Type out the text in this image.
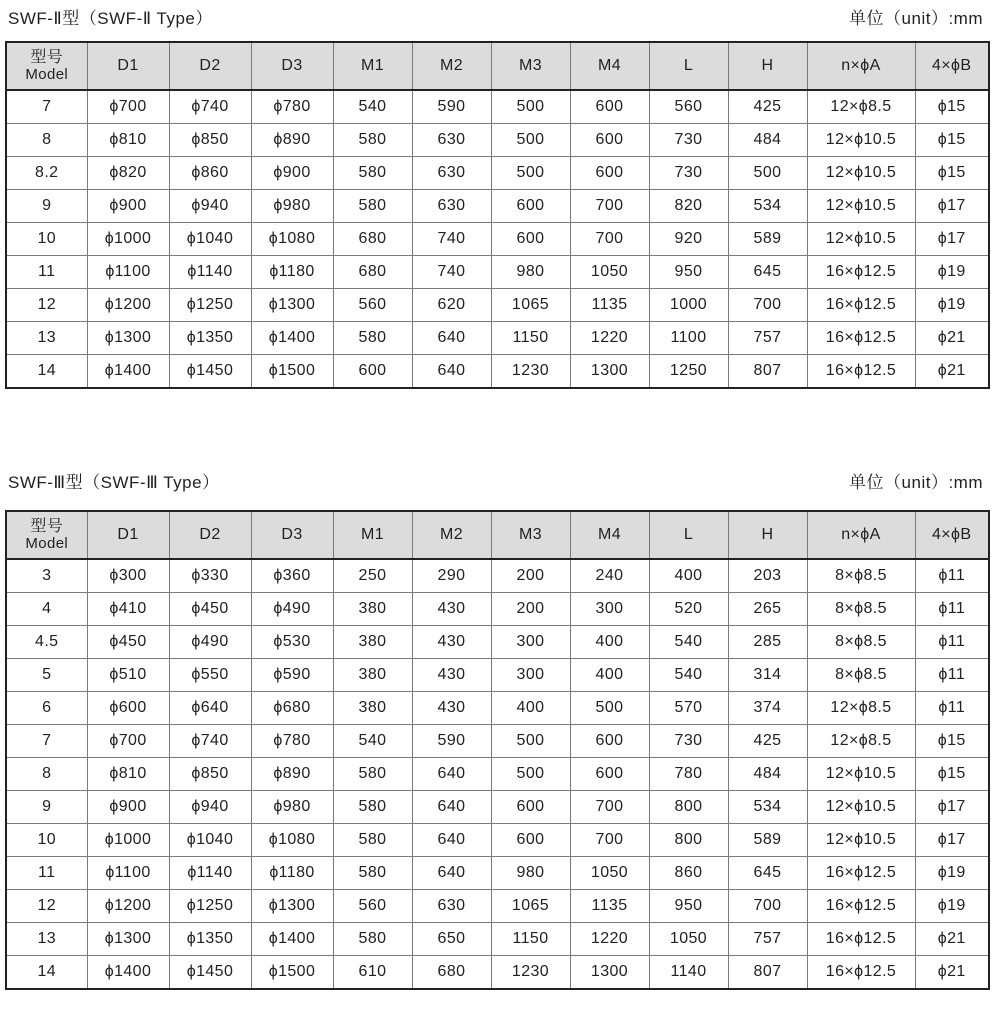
SWF-Ⅱ型（SWF-Ⅱ Type）	单位（unit）:mm
型号
Model	D1	D2	D3	M1	M2	M3	M4	L	H	n×ϕA	4×ϕB
7	ϕ700	ϕ740	ϕ780	540	590	500	600	560	425	12×ϕ8.5	ϕ15
8	ϕ810	ϕ850	ϕ890	580	630	500	600	730	484	12×ϕ10.5	ϕ15
8.2	ϕ820	ϕ860	ϕ900	580	630	500	600	730	500	12×ϕ10.5	ϕ15
9	ϕ900	ϕ940	ϕ980	580	630	600	700	820	534	12×ϕ10.5	ϕ17
10	ϕ1000	ϕ1040	ϕ1080	680	740	600	700	920	589	12×ϕ10.5	ϕ17
11	ϕ1100	ϕ1140	ϕ1180	680	740	980	1050	950	645	16×ϕ12.5	ϕ19
12	ϕ1200	ϕ1250	ϕ1300	560	620	1065	1135	1000	700	16×ϕ12.5	ϕ19
13	ϕ1300	ϕ1350	ϕ1400	580	640	1150	1220	1100	757	16×ϕ12.5	ϕ21
14	ϕ1400	ϕ1450	ϕ1500	600	640	1230	1300	1250	807	16×ϕ12.5	ϕ21
SWF-Ⅲ型（SWF-Ⅲ Type）	单位（unit）:mm
型号
Model	D1	D2	D3	M1	M2	M3	M4	L	H	n×ϕA	4×ϕB
3	ϕ300	ϕ330	ϕ360	250	290	200	240	400	203	8×ϕ8.5	ϕ11
4	ϕ410	ϕ450	ϕ490	380	430	200	300	520	265	8×ϕ8.5	ϕ11
4.5	ϕ450	ϕ490	ϕ530	380	430	300	400	540	285	8×ϕ8.5	ϕ11
5	ϕ510	ϕ550	ϕ590	380	430	300	400	540	314	8×ϕ8.5	ϕ11
6	ϕ600	ϕ640	ϕ680	380	430	400	500	570	374	12×ϕ8.5	ϕ11
7	ϕ700	ϕ740	ϕ780	540	590	500	600	730	425	12×ϕ8.5	ϕ15
8	ϕ810	ϕ850	ϕ890	580	640	500	600	780	484	12×ϕ10.5	ϕ15
9	ϕ900	ϕ940	ϕ980	580	640	600	700	800	534	12×ϕ10.5	ϕ17
10	ϕ1000	ϕ1040	ϕ1080	580	640	600	700	800	589	12×ϕ10.5	ϕ17
11	ϕ1100	ϕ1140	ϕ1180	580	640	980	1050	860	645	16×ϕ12.5	ϕ19
12	ϕ1200	ϕ1250	ϕ1300	560	630	1065	1135	950	700	16×ϕ12.5	ϕ19
13	ϕ1300	ϕ1350	ϕ1400	580	650	1150	1220	1050	757	16×ϕ12.5	ϕ21
14	ϕ1400	ϕ1450	ϕ1500	610	680	1230	1300	1140	807	16×ϕ12.5	ϕ21
